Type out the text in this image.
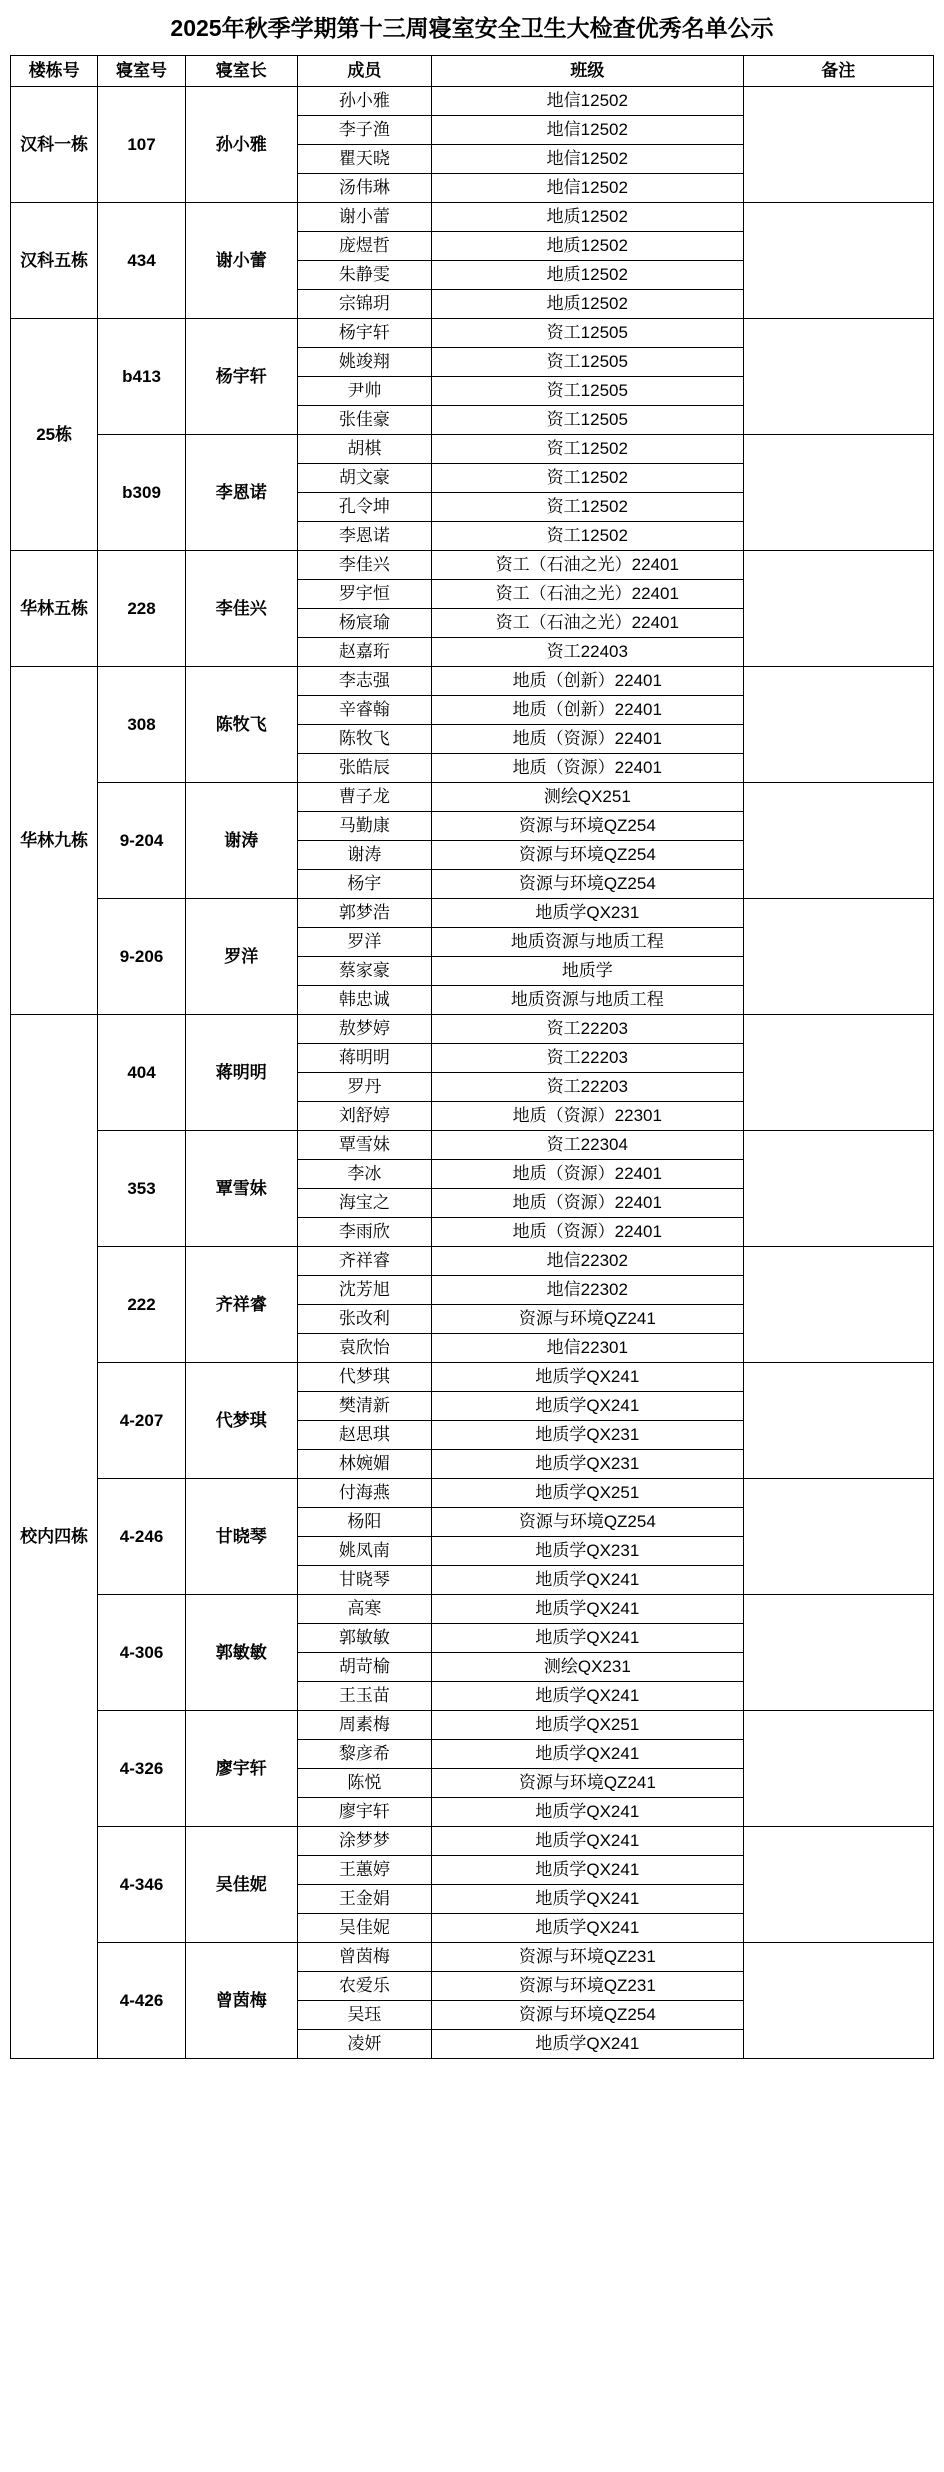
2025年秋季学期第十三周寝室安全卫生大检查优秀名单公示
楼栋号	寝室号	寝室长	成员	班级	备注
汉科一栋	107	孙小雅	孙小雅	地信12502	
			李子渔	地信12502	
			瞿天晓	地信12502	
			汤伟琳	地信12502	
汉科五栋	434	谢小蕾	谢小蕾	地质12502	
			庞煜哲	地质12502	
			朱静雯	地质12502	
			宗锦玥	地质12502	
25栋	b413	杨宇轩	杨宇轩	资工12505	
			姚竣翔	资工12505	
			尹帅	资工12505	
			张佳豪	资工12505	
	b309	李恩诺	胡棋	资工12502	
			胡文豪	资工12502	
			孔令坤	资工12502	
			李恩诺	资工12502	
华林五栋	228	李佳兴	李佳兴	资工（石油之光）22401	
			罗宇恒	资工（石油之光）22401	
			杨宸瑜	资工（石油之光）22401	
			赵嘉珩	资工22403	
华林九栋	308	陈牧飞	李志强	地质（创新）22401	
			辛睿翰	地质（创新）22401	
			陈牧飞	地质（资源）22401	
			张皓辰	地质（资源）22401	
	9-204	谢涛	曹子龙	测绘QX251	
			马勤康	资源与环境QZ254	
			谢涛	资源与环境QZ254	
			杨宇	资源与环境QZ254	
	9-206	罗洋	郭梦浩	地质学QX231	
			罗洋	地质资源与地质工程	
			蔡家豪	地质学	
			韩忠诚	地质资源与地质工程	
校内四栋	404	蒋明明	敖梦婷	资工22203	
			蒋明明	资工22203	
			罗丹	资工22203	
			刘舒婷	地质（资源）22301	
	353	覃雪妹	覃雪妹	资工22304	
			李冰	地质（资源）22401	
			海宝之	地质（资源）22401	
			李雨欣	地质（资源）22401	
	222	齐祥睿	齐祥睿	地信22302	
			沈芳旭	地信22302	
			张改利	资源与环境QZ241	
			袁欣怡	地信22301	
	4-207	代梦琪	代梦琪	地质学QX241	
			樊清新	地质学QX241	
			赵思琪	地质学QX231	
			林婉媚	地质学QX231	
	4-246	甘晓琴	付海燕	地质学QX251	
			杨阳	资源与环境QZ254	
			姚凤南	地质学QX231	
			甘晓琴	地质学QX241	
	4-306	郭敏敏	高寒	地质学QX241	
			郭敏敏	地质学QX241	
			胡苛榆	测绘QX231	
			王玉苗	地质学QX241	
	4-326	廖宇轩	周素梅	地质学QX251	
			黎彦希	地质学QX241	
			陈悦	资源与环境QZ241	
			廖宇轩	地质学QX241	
	4-346	吴佳妮	涂梦梦	地质学QX241	
			王蕙婷	地质学QX241	
			王金娟	地质学QX241	
			吴佳妮	地质学QX241	
	4-426	曾茵梅	曾茵梅	资源与环境QZ231	
			农爱乐	资源与环境QZ231	
			吴珏	资源与环境QZ254	
			凌妍	地质学QX241	
